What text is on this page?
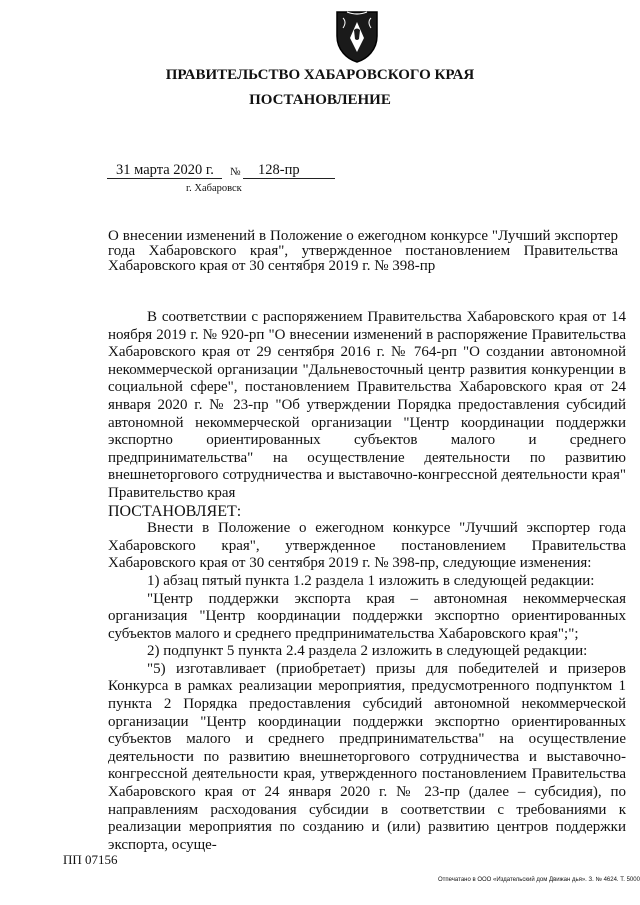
ПРАВИТЕЛЬСТВО ХАБАРОВСКОГО КРАЯ
ПОСТАНОВЛЕНИЕ
31 марта 2020 г. № 128-пр
г. Хабаровск
О внесении изменений в Положение о ежегодном конкурсе "Лучший экспортер года Хабаровского края", утвержденное постановлением Правительства Хабаровского края от 30 сентября 2019 г. № 398-пр

В соответствии с распоряжением Правительства Хабаровского края от 14 ноября 2019 г. № 920-рп "О внесении изменений в распоряжение Правительства Хабаровского края от 29 сентября 2016 г. № 764-рп "О создании автономной некоммерческой организации "Дальневосточный центр развития конкуренции в социальной сфере", постановлением Правительства Хабаровского края от 24 января 2020 г. № 23-пр "Об утверждении Порядка предоставления субсидий автономной некоммерческой организации "Центр координации поддержки экспортно ориентированных субъектов малого и среднего предпринимательства" на осуществление деятельности по развитию внешнеторгового сотрудничества и выставочно-конгрессной деятельности края" Правительство края

ПОСТАНОВЛЯЕТ:

Внести в Положение о ежегодном конкурсе "Лучший экспортер года Хабаровского края", утвержденное постановлением Правительства Хабаровского края от 30 сентября 2019 г. № 398-пр, следующие изменения:

1) абзац пятый пункта 1.2 раздела 1 изложить в следующей редакции:

"Центр поддержки экспорта края – автономная некоммерческая организация "Центр координации поддержки экспортно ориентированных субъектов малого и среднего предпринимательства Хабаровского края";";

2) подпункт 5 пункта 2.4 раздела 2 изложить в следующей редакции:

"5) изготавливает (приобретает) призы для победителей и призеров Конкурса в рамках реализации мероприятия, предусмотренного подпунктом 1 пункта 2 Порядка предоставления субсидий автономной некоммерческой организации "Центр координации поддержки экспортно ориентированных субъектов малого и среднего предпринимательства" на осуществление деятельности по развитию внешнеторгового сотрудничества и выставочно-конгрессной деятельности края, утвержденного постановлением Правительства Хабаровского края от 24 января 2020 г. № 23-пр (далее – субсидия), по направлениям расходования субсидии в соответствии с требованиями к реализации мероприятия по созданию и (или) развитию центров поддержки экспорта, осуще-

ПП 07156
Отпечатано в ООО «Издательский дом Движан дья». З. № 4624. Т. 5000
